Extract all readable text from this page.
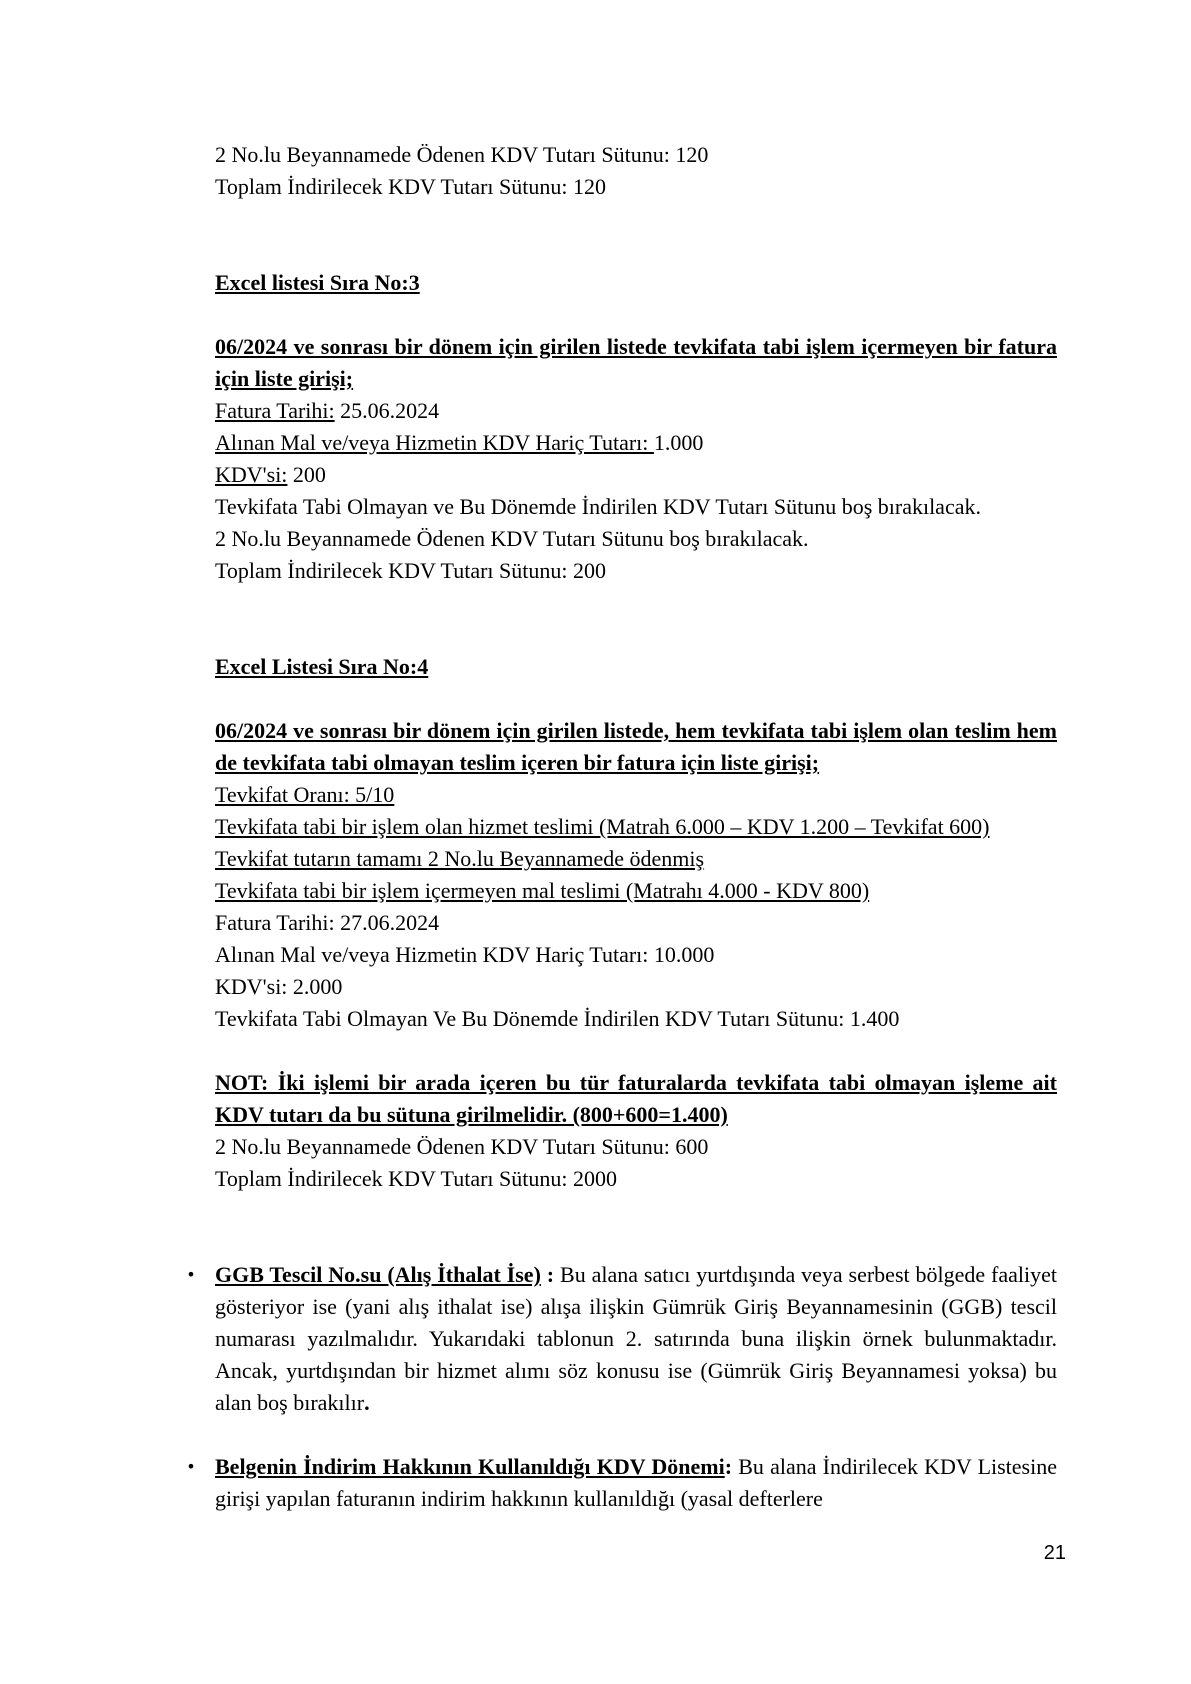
2 No.lu Beyannamede Ödenen KDV Tutarı Sütunu: 120
Toplam İndirilecek KDV Tutarı Sütunu: 120
Excel listesi Sıra No:3
06/2024 ve sonrası bir dönem için girilen listede tevkifata tabi işlem içermeyen bir fatura için liste girişi;
Fatura Tarihi: 25.06.2024
Alınan Mal ve/veya Hizmetin KDV Hariç Tutarı: 1.000
KDV'si: 200
Tevkifata Tabi Olmayan ve Bu Dönemde İndirilen KDV Tutarı Sütunu boş bırakılacak.
2 No.lu Beyannamede Ödenen KDV Tutarı Sütunu boş bırakılacak.
Toplam İndirilecek KDV Tutarı Sütunu: 200
Excel Listesi Sıra No:4
06/2024 ve sonrası bir dönem için girilen listede, hem tevkifata tabi işlem olan teslim hem de tevkifata tabi olmayan teslim içeren bir fatura için liste girişi;
Tevkifat Oranı: 5/10
Tevkifata tabi bir işlem olan hizmet teslimi (Matrah 6.000 – KDV 1.200 – Tevkifat 600)
Tevkifat tutarın tamamı 2 No.lu Beyannamede ödenmiş
Tevkifata tabi bir işlem içermeyen mal teslimi (Matrahı 4.000 - KDV 800)
Fatura Tarihi: 27.06.2024
Alınan Mal ve/veya Hizmetin KDV Hariç Tutarı: 10.000
KDV'si: 2.000
Tevkifata Tabi Olmayan Ve Bu Dönemde İndirilen KDV Tutarı Sütunu: 1.400
NOT: İki işlemi bir arada içeren bu tür faturalarda tevkifata tabi olmayan işleme ait KDV tutarı da bu sütuna girilmelidir. (800+600=1.400)
2 No.lu Beyannamede Ödenen KDV Tutarı Sütunu: 600
Toplam İndirilecek KDV Tutarı Sütunu: 2000
• GGB Tescil No.su (Alış İthalat İse) : Bu alana satıcı yurtdışında veya serbest bölgede faaliyet gösteriyor ise (yani alış ithalat ise) alışa ilişkin Gümrük Giriş Beyannamesinin (GGB) tescil numarası yazılmalıdır. Yukarıdaki tablonun 2. satırında buna ilişkin örnek bulunmaktadır. Ancak, yurtdışından bir hizmet alımı söz konusu ise (Gümrük Giriş Beyannamesi yoksa) bu alan boş bırakılır.
• Belgenin İndirim Hakkının Kullanıldığı KDV Dönemi: Bu alana İndirilecek KDV Listesine girişi yapılan faturanın indirim hakkının kullanıldığı (yasal defterlere
21
